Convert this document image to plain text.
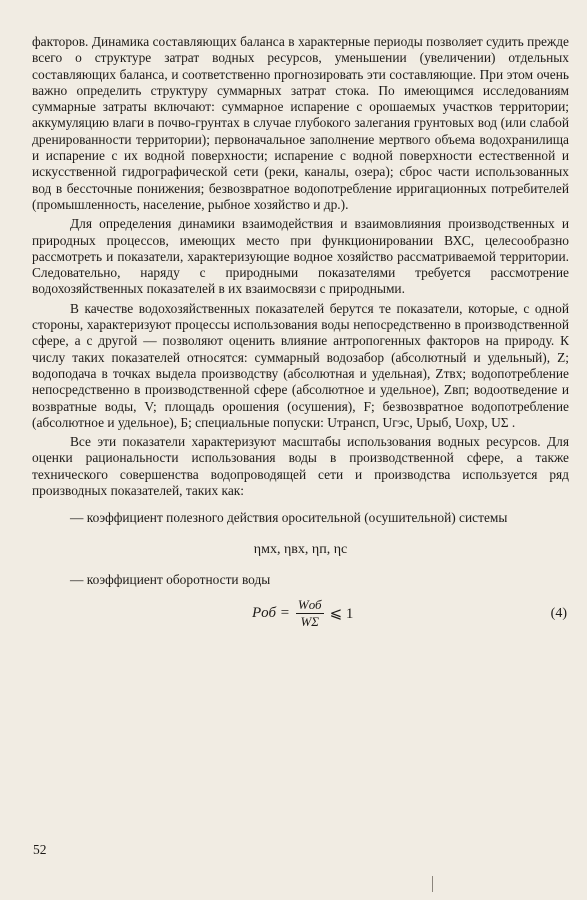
факторов. Динамика составляющих баланса в характерные периоды позволяет судить прежде всего о структуре затрат водных ресурсов, уменьшении (увеличении) отдельных составляющих баланса, и соответственно прогнозировать эти составляющие. При этом очень важно определить структуру суммарных затрат стока. По имеющимся исследованиям суммарные затраты включают: суммарное испарение с орошаемых участков территории; аккумуляцию влаги в почво-грунтах в случае глубокого залегания грунтовых вод (или слабой дренированности территории); первоначальное заполнение мертвого объема водохранилища и испарение с их водной поверхности; испарение с водной поверхности естественной и искусственной гидрографической сети (реки, каналы, озера); сброс части использованных вод в бессточные понижения; безвозвратное водопотребление ирригационных потребителей (промышленность, население, рыбное хозяйство и др.).

Для определения динамики взаимодействия и взаимовлияния производственных и природных процессов, имеющих место при функционировании ВХС, целесообразно рассмотреть и показатели, характеризующие водное хозяйство рассматриваемой территории. Следовательно, наряду с природными показателями требуется рассмотрение водохозяйственных показателей в их взаимосвязи с природными.

В качестве водохозяйственных показателей берутся те показатели, которые, с одной стороны, характеризуют процессы использования воды непосредственно в производственной сфере, а с другой — позволяют оценить влияние антропогенных факторов на природу. К числу таких показателей относятся: суммарный водозабор (абсолютный и удельный), Z; водоподача в точках выдела производству (абсолютная и удельная), Zтвх; водопотребление непосредственно в производственной сфере (абсолютное и удельное), Zвп; водоотведение и возвратные воды, V; площадь орошения (осушения), F; безвозвратное водопотребление (абсолютное и удельное), Б; специальные попуски: Uтрансп, Uгэс, Uрыб, Uохр, UΣ .

Все эти показатели характеризуют масштабы использования водных ресурсов. Для оценки рациональности использования воды в производственной сфере, а также технического совершенства водопроводящей сети и производства используется ряд производных показателей, таких как:

— коэффициент полезного действия оросительной (осушительной) системы

ηмх, ηвх, ηп, ηс

— коэффициент оборотности воды

Pоб = $\frac{\text{Wоб}}{W\Sigma}$ ⩽ 1	(4)
52
